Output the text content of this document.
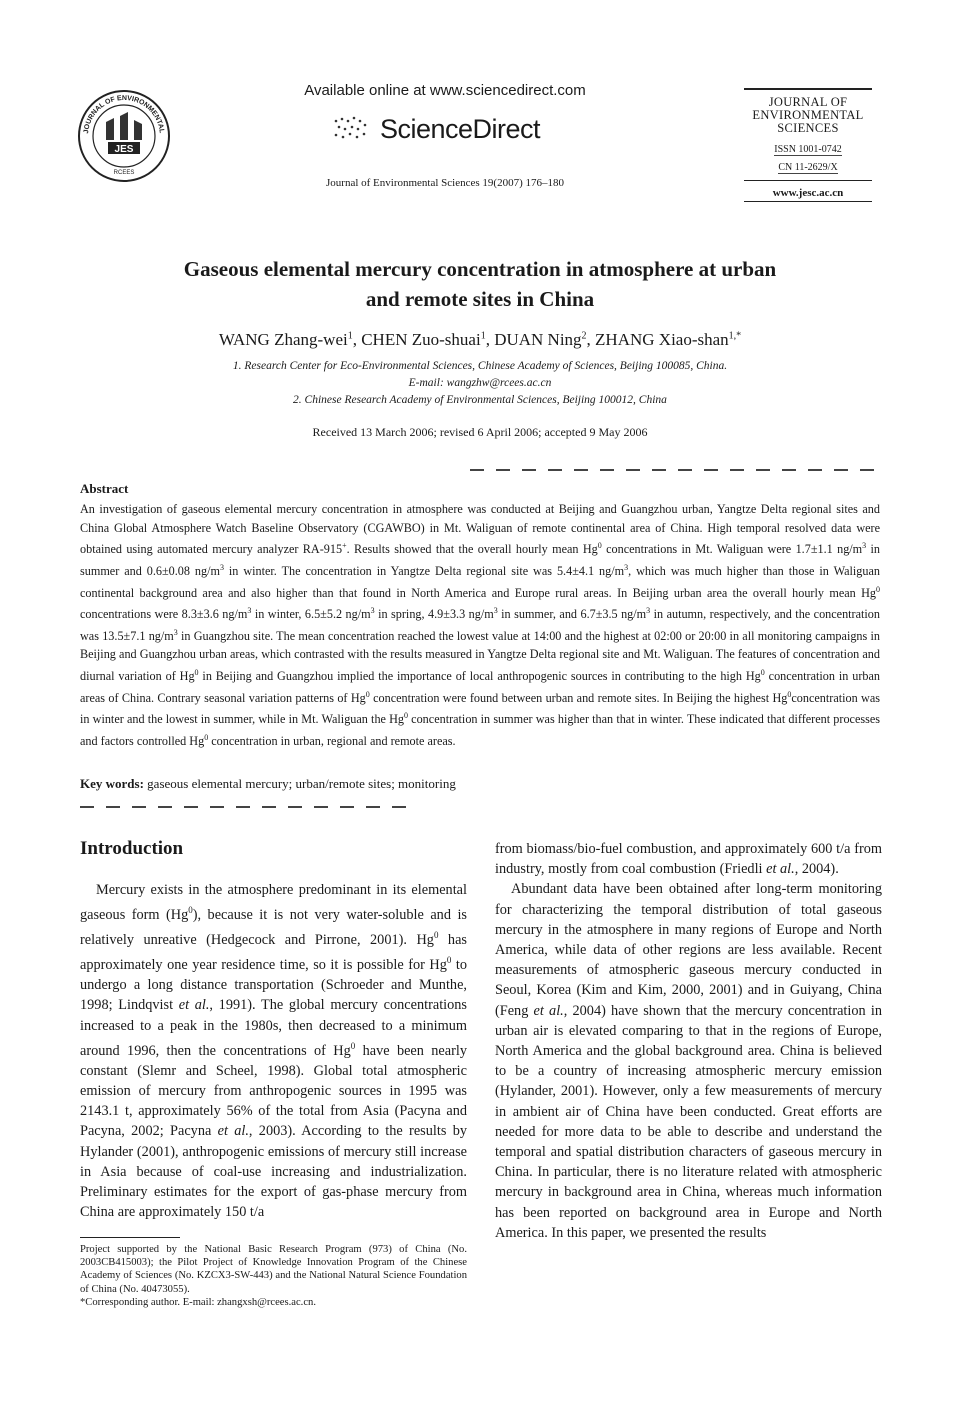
JOURNAL OF ENVIRONMENTAL
JES
RCEES
Available online at www.sciencedirect.com
ScienceDirect
Journal of Environmental Sciences 19(2007) 176–180
JOURNAL OF
ENVIRONMENTAL
SCIENCES
ISSN 1001-0742
CN 11-2629/X
www.jesc.ac.cn
Gaseous elemental mercury concentration in atmosphere at urban
and remote sites in China
WANG Zhang-wei$^1$, CHEN Zuo-shuai$^1$, DUAN Ning$^2$, ZHANG Xiao-shan$^{1,*}$
1. Research Center for Eco-Environmental Sciences, Chinese Academy of Sciences, Beijing 100085, China.
E-mail: wangzhw@rcees.ac.cn
2. Chinese Research Academy of Environmental Sciences, Beijing 100012, China
Received 13 March 2006; revised 6 April 2006; accepted 9 May 2006
Abstract
An investigation of gaseous elemental mercury concentration in atmosphere was conducted at Beijing and Guangzhou urban, Yangtze Delta regional sites and China Global Atmosphere Watch Baseline Observatory (CGAWBO) in Mt. Waliguan of remote continental area of China. High temporal resolved data were obtained using automated mercury analyzer RA-915+. Results showed that the overall hourly mean Hg$^0$ concentrations in Mt. Waliguan were 1.7±1.1 $ng/m^3$ in summer and 0.6±0.08 $ng/m^3$ in winter. The concentration in Yangtze Delta regional site was 5.4±4.1 $ng/m^3$, which was much higher than those in Waliguan continental background area and also higher than that found in North America and Europe rural areas. In Beijing urban area the overall hourly mean Hg$^0$ concentrations were 8.3±3.6 $ng/m^3$ in winter, 6.5±5.2 $ng/m^3$ in spring, 4.9±3.3 $ng/m^3$ in summer, and 6.7±3.5 $ng/m^3$ in autumn, respectively, and the concentration was 13.5±7.1 $ng/m^3$ in Guangzhou site. The mean concentration reached the lowest value at 14:00 and the highest at 02:00 or 20:00 in all monitoring campaigns in Beijing and Guangzhou urban areas, which contrasted with the results measured in Yangtze Delta regional site and Mt. Waliguan. The features of concentration and diurnal variation of Hg$^0$ in Beijing and Guangzhou implied the importance of local anthropogenic sources in contributing to the high Hg$^0$ concentration in urban areas of China. Contrary seasonal variation patterns of Hg$^0$ concentration were found between urban and remote sites. In Beijing the highest Hg$^0$concentration was in winter and the lowest in summer, while in Mt. Waliguan the Hg$^0$ concentration in summer was higher than that in winter. These indicated that different processes and factors controlled Hg$^0$ concentration in urban, regional and remote areas.
Key words: gaseous elemental mercury; urban/remote sites; monitoring
Introduction

Mercury exists in the atmosphere predominant in its elemental gaseous form (Hg$^0$), because it is not very water-soluble and is relatively unreative (Hedgecock and Pirrone, 2001). Hg$^0$ has approximately one year residence time, so it is possible for Hg$^0$ to undergo a long distance transportation (Schroeder and Munthe, 1998; Lindqvist et al., 1991). The global mercury concentrations increased to a peak in the 1980s, then decreased to a minimum around 1996, then the concentrations of Hg$^0$ have been nearly constant (Slemr and Scheel, 1998). Global total atmospheric emission of mercury from anthropogenic sources in 1995 was 2143.1 t, approximately 56% of the total from Asia (Pacyna and Pacyna, 2002; Pacyna et al., 2003). According to the results by Hylander (2001), anthropogenic emissions of mercury still increase in Asia because of coal-use increasing and industrialization. Preliminary estimates for the export of gas-phase mercury from China are approximately 150 t/a

from biomass/bio-fuel combustion, and approximately 600 t/a from industry, mostly from coal combustion (Friedli et al., 2004).

Abundant data have been obtained after long-term monitoring for characterizing the temporal distribution of total gaseous mercury in the atmosphere in many regions of Europe and North America, while data of other regions are less available. Recent measurements of atmospheric gaseous mercury conducted in Seoul, Korea (Kim and Kim, 2000, 2001) and in Guiyang, China (Feng et al., 2004) have shown that the mercury concentration in urban air is elevated comparing to that in the regions of Europe, North America and the global background area. China is believed to be a country of increasing atmospheric mercury emission (Hylander, 2001). However, only a few measurements of mercury in ambient air of China have been conducted. Great efforts are needed for more data to be able to describe and understand the temporal and spatial distribution characters of gaseous mercury in China. In particular, there is no literature related with atmospheric mercury in background area in China, whereas much information has been reported on background area in Europe and North America. In this paper, we presented the results

Project supported by the National Basic Research Program (973) of China (No. 2003CB415003); the Pilot Project of Knowledge Innovation Program of the Chinese Academy of Sciences (No. KZCX3-SW-443) and the National Natural Science Foundation of China (No. 40473055).

*Corresponding author. E-mail: zhangxsh@rcees.ac.cn.
